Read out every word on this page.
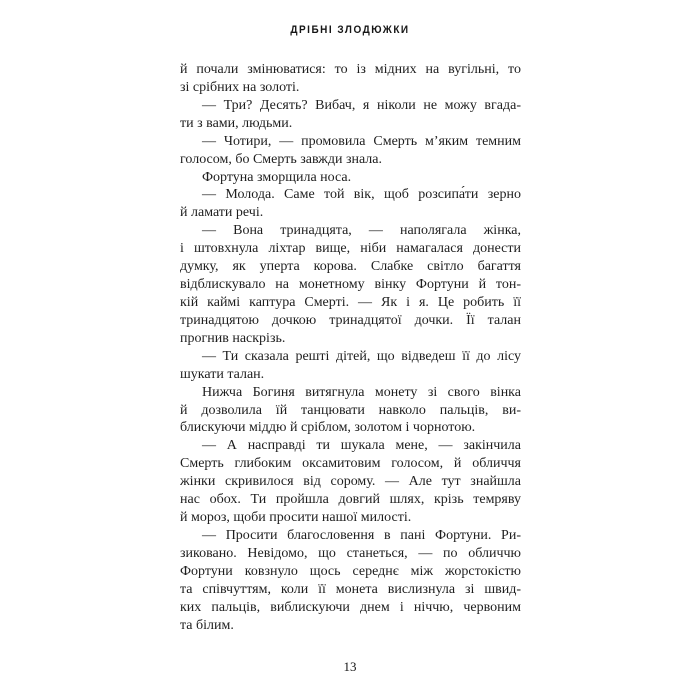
ДРІБНІ ЗЛОДЮЖКИ

й почали змінюватися: то із мідних на вугільні, то
зі срібних на золоті.

— Три? Десять? Вибач, я ніколи не можу вгада-
ти з вами, людьми.

— Чотири, — промовила Смерть м’яким темним
голосом, бо Смерть завжди знала.

Фортуна зморщила носа.

— Молода. Саме той вік, щоб розсипа́ти зерно
й ламати речі.

— Вона тринадцята, — наполягала жінка,
і штовхнула ліхтар вище, ніби намагалася донести
думку, як уперта корова. Слабке світло багаття
відблискувало на монетному вінку Фортуни й тон-
кій каймі каптура Смерті. — Як і я. Це робить її
тринадцятою дочкою тринадцятої дочки. Її талан
прогнив наскрізь.

— Ти сказала решті дітей, що відведеш її до лісу
шукати талан.

Нижча Богиня витягнула монету зі свого вінка
й дозволила їй танцювати навколо пальців, ви-
блискуючи міддю й сріблом, золотом і чорнотою.

— А насправді ти шукала мене, — закінчила
Смерть глибоким оксамитовим голосом, й обличчя
жінки скривилося від сорому. — Але тут знайшла
нас обох. Ти пройшла довгий шлях, крізь темряву
й мороз, щоби просити нашої милості.

— Просити благословення в пані Фортуни. Ри-
зиковано. Невідомо, що станеться, — по обличчю
Фортуни ковзнуло щось середнє між жорстокістю
та співчуттям, коли її монета вислизнула зі швид-
ких пальців, виблискуючи днем і ніччю, червоним
та білим.

13
